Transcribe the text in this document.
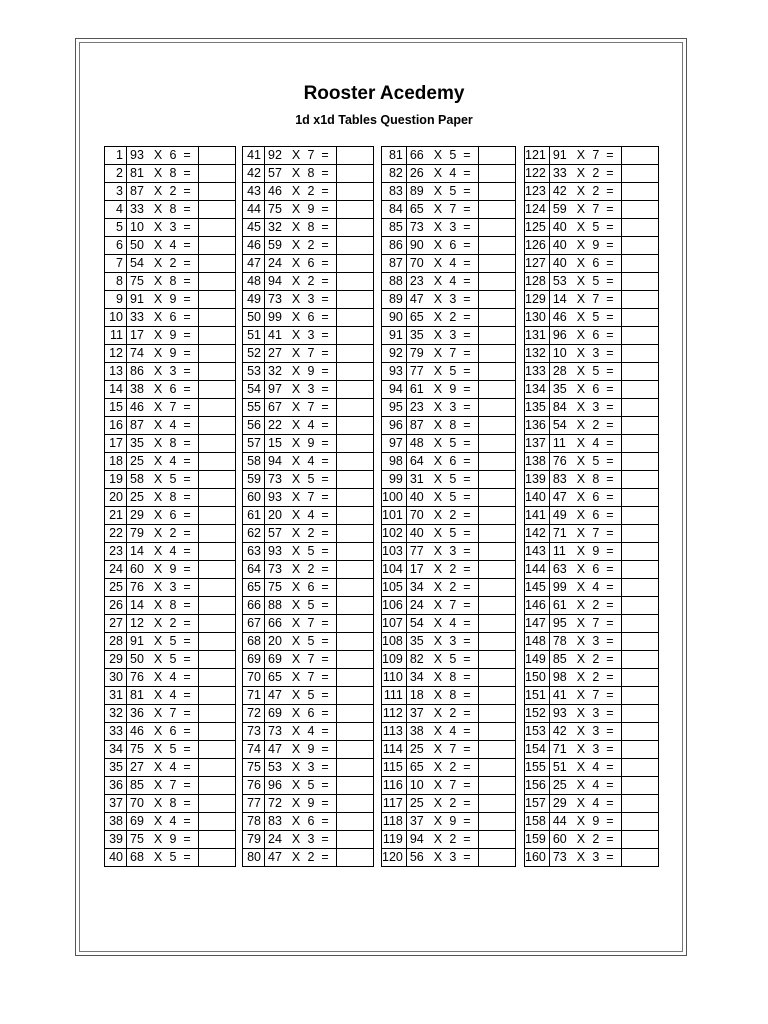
Rooster Acedemy
1d x1d Tables Question Paper
1	93 X 6 =	
2	81 X 8 =	
3	87 X 2 =	
4	33 X 8 =	
5	10 X 3 =	
6	50 X 4 =	
7	54 X 2 =	
8	75 X 8 =	
9	91 X 9 =	
10	33 X 6 =	
11	17 X 9 =	
12	74 X 9 =	
13	86 X 3 =	
14	38 X 6 =	
15	46 X 7 =	
16	87 X 4 =	
17	35 X 8 =	
18	25 X 4 =	
19	58 X 5 =	
20	25 X 8 =	
21	29 X 6 =	
22	79 X 2 =	
23	14 X 4 =	
24	60 X 9 =	
25	76 X 3 =	
26	14 X 8 =	
27	12 X 2 =	
28	91 X 5 =	
29	50 X 5 =	
30	76 X 4 =	
31	81 X 4 =	
32	36 X 7 =	
33	46 X 6 =	
34	75 X 5 =	
35	27 X 4 =	
36	85 X 7 =	
37	70 X 8 =	
38	69 X 4 =	
39	75 X 9 =	
40	68 X 5 =	
41	92 X 7 =	
42	57 X 8 =	
43	46 X 2 =	
44	75 X 9 =	
45	32 X 8 =	
46	59 X 2 =	
47	24 X 6 =	
48	94 X 2 =	
49	73 X 3 =	
50	99 X 6 =	
51	41 X 3 =	
52	27 X 7 =	
53	32 X 9 =	
54	97 X 3 =	
55	67 X 7 =	
56	22 X 4 =	
57	15 X 9 =	
58	94 X 4 =	
59	73 X 5 =	
60	93 X 7 =	
61	20 X 4 =	
62	57 X 2 =	
63	93 X 5 =	
64	73 X 2 =	
65	75 X 6 =	
66	88 X 5 =	
67	66 X 7 =	
68	20 X 5 =	
69	69 X 7 =	
70	65 X 7 =	
71	47 X 5 =	
72	69 X 6 =	
73	73 X 4 =	
74	47 X 9 =	
75	53 X 3 =	
76	96 X 5 =	
77	72 X 9 =	
78	83 X 6 =	
79	24 X 3 =	
80	47 X 2 =	
81	66 X 5 =	
82	26 X 4 =	
83	89 X 5 =	
84	65 X 7 =	
85	73 X 3 =	
86	90 X 6 =	
87	70 X 4 =	
88	23 X 4 =	
89	47 X 3 =	
90	65 X 2 =	
91	35 X 3 =	
92	79 X 7 =	
93	77 X 5 =	
94	61 X 9 =	
95	23 X 3 =	
96	87 X 8 =	
97	48 X 5 =	
98	64 X 6 =	
99	31 X 5 =	
100	40 X 5 =	
101	70 X 2 =	
102	40 X 5 =	
103	77 X 3 =	
104	17 X 2 =	
105	34 X 2 =	
106	24 X 7 =	
107	54 X 4 =	
108	35 X 3 =	
109	82 X 5 =	
110	34 X 8 =	
111	18 X 8 =	
112	37 X 2 =	
113	38 X 4 =	
114	25 X 7 =	
115	65 X 2 =	
116	10 X 7 =	
117	25 X 2 =	
118	37 X 9 =	
119	94 X 2 =	
120	56 X 3 =	
121	91 X 7 =	
122	33 X 2 =	
123	42 X 2 =	
124	59 X 7 =	
125	40 X 5 =	
126	40 X 9 =	
127	40 X 6 =	
128	53 X 5 =	
129	14 X 7 =	
130	46 X 5 =	
131	96 X 6 =	
132	10 X 3 =	
133	28 X 5 =	
134	35 X 6 =	
135	84 X 3 =	
136	54 X 2 =	
137	11 X 4 =	
138	76 X 5 =	
139	83 X 8 =	
140	47 X 6 =	
141	49 X 6 =	
142	71 X 7 =	
143	11 X 9 =	
144	63 X 6 =	
145	99 X 4 =	
146	61 X 2 =	
147	95 X 7 =	
148	78 X 3 =	
149	85 X 2 =	
150	98 X 2 =	
151	41 X 7 =	
152	93 X 3 =	
153	42 X 3 =	
154	71 X 3 =	
155	51 X 4 =	
156	25 X 4 =	
157	29 X 4 =	
158	44 X 9 =	
159	60 X 2 =	
160	73 X 3 =	
